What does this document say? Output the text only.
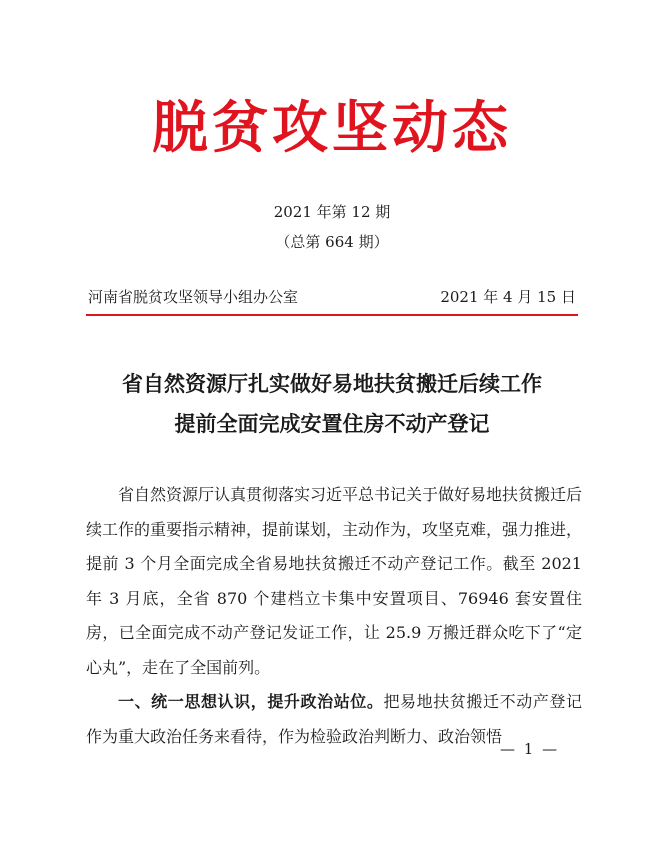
脱贫攻坚动态
2021 年第 12 期
（总第 664 期）
河南省脱贫攻坚领导小组办公室	2021 年 4 月 15 日
省自然资源厅扎实做好易地扶贫搬迁后续工作
提前全面完成安置住房不动产登记

省自然资源厅认真贯彻落实习近平总书记关于做好易地扶贫搬迁后续工作的重要指示精神，提前谋划，主动作为，攻坚克难，强力推进，提前 3 个月全面完成全省易地扶贫搬迁不动产登记工作。截至 2021 年 3 月底，全省 870 个建档立卡集中安置项目、76946 套安置住房，已全面完成不动产登记发证工作，让 25.9 万搬迁群众吃下了“定心丸”，走在了全国前列。

一、统一思想认识，提升政治站位。把易地扶贫搬迁不动产登记作为重大政治任务来看待，作为检验政治判断力、政治领悟

— 1 —
